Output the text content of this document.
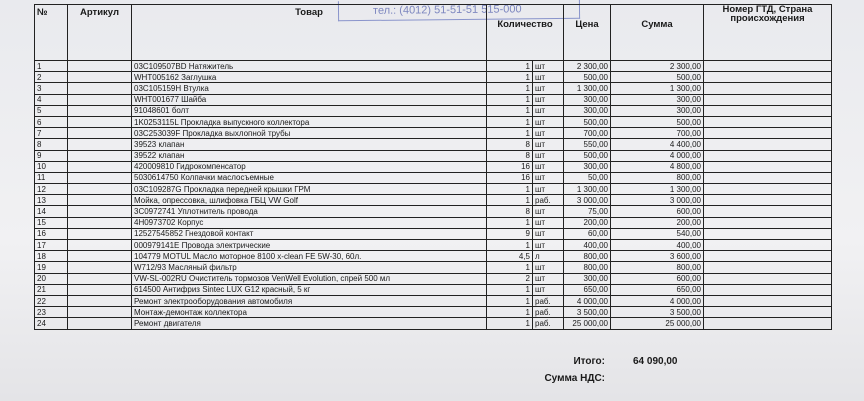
тел.: (4012) 51-51-51 515-000
№	Артикул	Товар	Количество		Цена	Сумма	Номер ГТД, Страна происхождения
1		03C109507BD Натяжитель	1	шт	2 300,00	2 300,00	
2		WHT005162 Заглушка	1	шт	500,00	500,00	
3		03C105159H Втулка	1	шт	1 300,00	1 300,00	
4		WHT001677 Шайба	1	шт	300,00	300,00	
5		91048601 болт	1	шт	300,00	300,00	
6		1K0253115L Прокладка выпускного коллектора	1	шт	500,00	500,00	
7		03C253039F Прокладка выхлопной трубы	1	шт	700,00	700,00	
8		39523 клапан	8	шт	550,00	4 400,00	
9		39522 клапан	8	шт	500,00	4 000,00	
10		420009810 Гидрокомпенсатор	16	шт	300,00	4 800,00	
11		5030614750 Колпачки маслосъемные	16	шт	50,00	800,00	
12		03C109287G Прокладка передней крышки ГРМ	1	шт	1 300,00	1 300,00	
13		Мойка, опрессовка, шлифовка ГБЦ VW Golf	1	раб.	3 000,00	3 000,00	
14		3C0972741 Уплотнитель провода	8	шт	75,00	600,00	
15		4H0973702 Корпус	1	шт	200,00	200,00	
16		12527545852 Гнездовой контакт	9	шт	60,00	540,00	
17		000979141E Провода электрические	1	шт	400,00	400,00	
18		104779 MOTUL Масло моторное 8100 x-clean FE 5W-30, 60л.	4,5	л	800,00	3 600,00	
19		W712/93 Масляный фильтр	1	шт	800,00	800,00	
20		VW-SL-002RU Очиститель тормозов VenWell Evolution, спрей 500 мл	2	шт	300,00	600,00	
21		614500 Антифриз Sintec LUX G12 красный, 5 кг	1	шт	650,00	650,00	
22		Ремонт электрооборудования автомобиля	1	раб.	4 000,00	4 000,00	
23		Монтаж-демонтаж коллектора	1	раб.	3 500,00	3 500,00	
24		Ремонт двигателя	1	раб.	25 000,00	25 000,00	
Итого:	64 090,00
Сумма НДС:
